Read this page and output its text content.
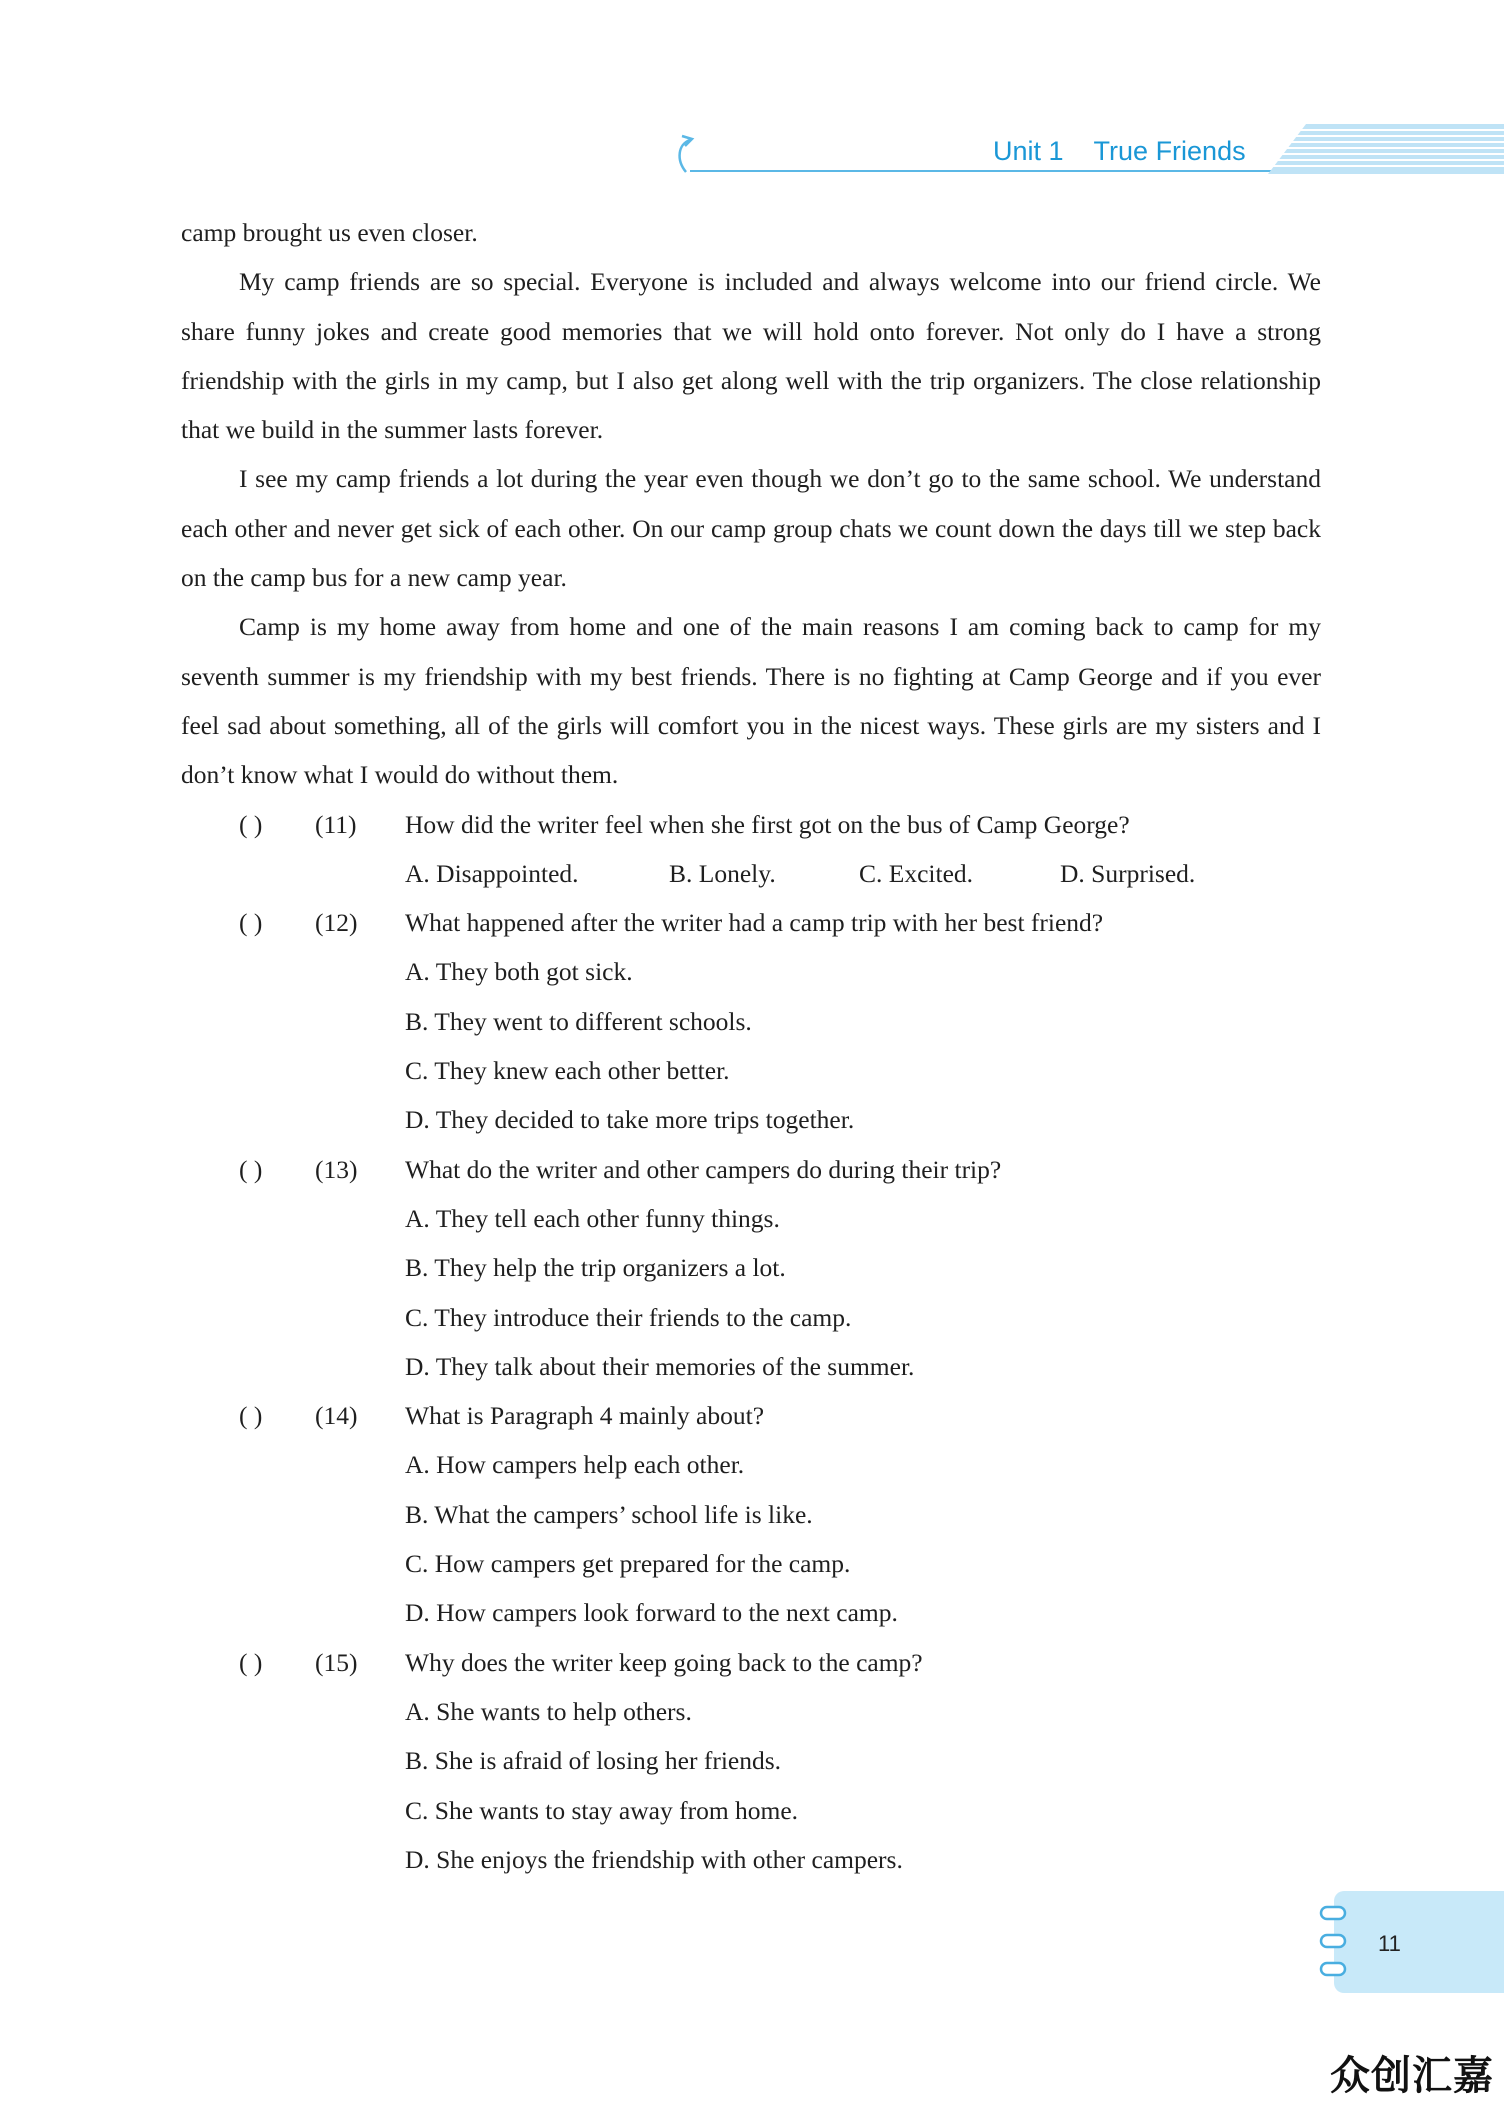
Unit 1 True Friends

camp brought us even closer.

My camp friends are so special. Everyone is included and always welcome into our friend circle. We share funny jokes and create good memories that we will hold onto forever. Not only do I have a strong friendship with the girls in my camp, but I also get along well with the trip organizers. The close relationship that we build in the summer lasts forever.

I see my camp friends a lot during the year even though we don’t go to the same school. We understand each other and never get sick of each other. On our camp group chats we count down the days till we step back on the camp bus for a new camp year.

Camp is my home away from home and one of the main reasons I am coming back to camp for my seventh summer is my friendship with my best friends. There is no fighting at Camp George and if you ever feel sad about something, all of the girls will comfort you in the nicest ways. These girls are my sisters and I don’t know what I would do without them.

( ) (11) How did the writer feel when she first got on the bus of Camp George?
A. Disappointed.	B. Lonely.	C. Excited.	D. Surprised.
( ) (12) What happened after the writer had a camp trip with her best friend?
A. They both got sick.
B. They went to different schools.
C. They knew each other better.
D. They decided to take more trips together.
( ) (13) What do the writer and other campers do during their trip?
A. They tell each other funny things.
B. They help the trip organizers a lot.
C. They introduce their friends to the camp.
D. They talk about their memories of the summer.
( ) (14) What is Paragraph 4 mainly about?
A. How campers help each other.
B. What the campers’ school life is like.
C. How campers get prepared for the camp.
D. How campers look forward to the next camp.
( ) (15) Why does the writer keep going back to the camp?
A. She wants to help others.
B. She is afraid of losing her friends.
C. She wants to stay away from home.
D. She enjoys the friendship with other campers.
11
众创汇嘉
